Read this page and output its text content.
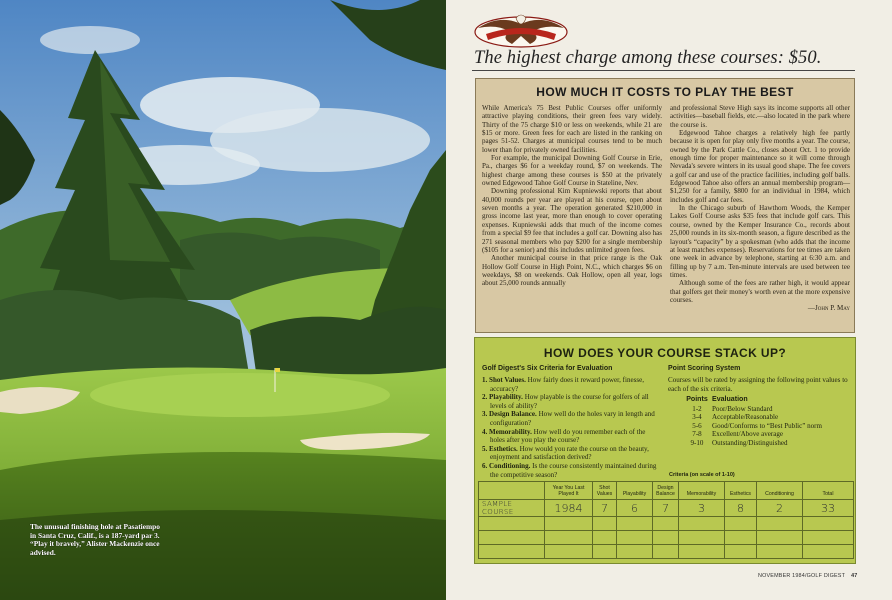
The unusual finishing hole at Pasatiempo in Santa Cruz, Calif., is a 187-yard par 3. “Play it bravely,” Alister Mackenzie once advised.
The highest charge among these courses: $50.
HOW MUCH IT COSTS TO PLAY THE BEST

While America's 75 Best Public Courses offer uniformly attractive playing conditions, their green fees vary widely. Thirty of the 75 charge $10 or less on weekends, while 21 are $15 or more. Green fees for each are listed in the ranking on pages 51-52. Charges at municipal courses tend to be much lower than for privately owned facilities.

For example, the municipal Downing Golf Course in Erie, Pa., charges $6 for a weekday round, $7 on weekends. The highest charge among these courses is $50 at the privately owned Edgewood Tahoe Golf Course in Stateline, Nev.

Downing professional Kim Kupniewski reports that about 40,000 rounds per year are played at his course, open about seven months a year. The operation generated $210,000 in gross income last year, more than enough to cover operating expenses. Kupniewski adds that much of the income comes from a special $9 fee that includes a golf car. Downing also has 271 seasonal members who pay $200 for a single membership ($105 for a senior) and this includes unlimited green fees.

Another municipal course in that price range is the Oak Hollow Golf Course in High Point, N.C., which charges $6 on weekdays, $8 on weekends. Oak Hollow, open all year, logs about 25,000 rounds annually

and professional Steve High says its income supports all other activities—baseball fields, etc.—also located in the park where the course is.

Edgewood Tahoe charges a relatively high fee partly because it is open for play only five months a year. The course, owned by the Park Cattle Co., closes about Oct. 1 to provide enough time for proper maintenance so it will come through Nevada's severe winters in its usual good shape. The fee covers a golf car and use of the practice facilities, including golf balls. Edgewood Tahoe also offers an annual membership program—$1,250 for a family, $800 for an individual in 1984, which includes golf and car fees.

In the Chicago suburb of Hawthorn Woods, the Kemper Lakes Golf Course asks $35 fees that include golf cars. This course, owned by the Kemper Insurance Co., records about 25,000 rounds in its six-month season, a figure described as the layout's “capacity” by a spokesman (who adds that the income at least matches expenses). Reservations for tee times are taken one week in advance by telephone, starting at 6:30 a.m. and filling up by 7 a.m. Ten-minute intervals are used between tee times.

Although some of the fees are rather high, it would appear that golfers get their money's worth even at the more expensive courses.

—John P. May
HOW DOES YOUR COURSE STACK UP?
Golf Digest's Six Criteria for Evaluation
1. Shot Values. How fairly does it reward power, finesse, accuracy?
2. Playability. How playable is the course for golfers of all levels of ability?
3. Design Balance. How well do the holes vary in length and configuration?
4. Memorability. How well do you remember each of the holes after you play the course?
5. Esthetics. How would you rate the course on the beauty, enjoyment and satisfaction derived?
6. Conditioning. Is the course consistently maintained during the competitive season?
Point Scoring System
Courses will be rated by assigning the following point values to each of the six criteria.
Points Evaluation
1-2	Poor/Below Standard
3-4	Acceptable/Reasonable
5-6	Good/Conforms to “Best Public” norm
7-8	Excellent/Above average
9-10	Outstanding/Distinguished
Criteria (on scale of 1-10)
	Year You Last Played It	Shot Values	Playability	Design Balance	Memorability	Esthetics	Conditioning	Total
SAMPLE COURSE	1984	7	6	7	3	8	2	33

NOVEMBER 1984/GOLF DIGEST 47
